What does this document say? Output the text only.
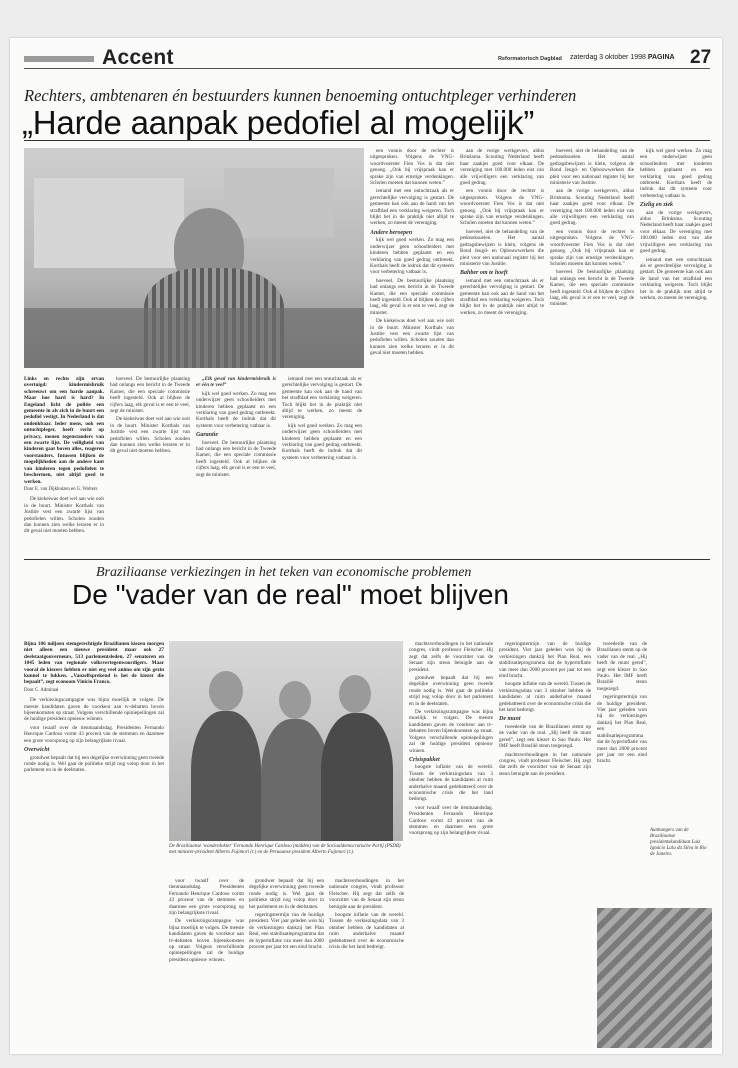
Accent	Reformatorisch Dagblad zaterdag 3 oktober 1998 PAGINA 27
Rechters, ambtenaren én bestuurders kunnen benoeming ontuchtpleger verhinderen
„Harde aanpak pedofiel al mogelijk”

Links en rechts zijn ervan overtuigd: kindermisbruik schreeuwt om een harde aanpak. Maar hoe hard is hard? In Engeland licht de politie een gemeente in als zich in de buurt een pedofiel vestigt. In Nederland is dat ondenkbaar. Ieder mens, ook een ontuchtpleger, heeft recht op privacy, menen tegenstanders van een zwarte lijst. De veiligheid van kinderen gaat boven alles, reageren voorstanders. Intussen blijken de mogelijkheden aan de andere kant van kinderen tegen pedofielen te beschermen, niet altijd goed te werken.

Door E. van Dijkhuizen en G. Wolters

De kiekeiwas doet wel aan wie ooit in de buurt. Minister Korthals van Justitie vest een zwarte lijst van pedofielen willen. Scholen zouden dan kunnen zien welke leraren er in dit geval niet moeten hebben.

hoeveel. De bestuurlijke plaatsing had onlangs een bericht in de Tweede Kamer, die een speciale commissie heeft ingesteld. Ook al blijken de cijfers laag, elk geval is er een te veel, zegt de minister.

De kiekeiwas doet wel aan wie ooit in de buurt. Minister Korthals van Justitie vest een zwarte lijst van pedofielen willen. Scholen zouden dan kunnen zien welke leraren er in dit geval niet moeten hebben.

„Elk geval van kindermisbruik is er één te veel”

kijk wel goed werken. Zo mag een onderwijzer geen schoolleiders met kinderen hebben geplaatst en een verklaring van goed gedrag ontbreekt. Korthals heeft de indruk dat dit systeem voor verbetering vatbaar is.

Garantie

hoeveel. De bestuurlijke plaatsing had onlangs een bericht in de Tweede Kamer, die een speciale commissie heeft ingesteld. Ook al blijken de cijfers laag, elk geval is er een te veel, zegt de minister.

iemand met een ontuchtzaak als er gerechtelijke vervolging is gestart. De gemeente kan ook aan de hand van het strafblad een verklaring weigeren. Toch blijkt het in de praktijk niet altijd te werken, zo meent de vereniging.

kijk wel goed werken. Zo mag een onderwijzer geen schoolleiders met kinderen hebben geplaatst en een verklaring van goed gedrag ontbreekt. Korthals heeft de indruk dat dit systeem voor verbetering vatbaar is.

een vonnis door de rechter is uitgesproken. Volgens de VNG-woordvoerster Fien Vos is dat niet genoeg. „Ook bij vrijspraak kan er sprake zijn van ernstige verdenkingen. Scholen moeten dat kunnen weten.”

iemand met een ontuchtzaak als er gerechtelijke vervolging is gestart. De gemeente kan ook aan de hand van het strafblad een verklaring weigeren. Toch blijkt het in de praktijk niet altijd te werken, zo meent de vereniging.

Andere beroepen

kijk wel goed werken. Zo mag een onderwijzer geen schoolleiders met kinderen hebben geplaatst en een verklaring van goed gedrag ontbreekt. Korthals heeft de indruk dat dit systeem voor verbetering vatbaar is.

hoeveel. De bestuurlijke plaatsing had onlangs een bericht in de Tweede Kamer, die een speciale commissie heeft ingesteld. Ook al blijken de cijfers laag, elk geval is er een te veel, zegt de minister.

De kiekeiwas doet wel aan wie ooit in de buurt. Minister Korthals van Justitie vest een zwarte lijst van pedofielen willen. Scholen zouden dan kunnen zien welke leraren er in dit geval niet moeten hebben.

aan de vorige werkgevers, aldus Brinksma. Scouting Nederland heeft haar zaakjes goed voor elkaar. De vereniging met 100.000 leden eist van alle vrijwilligers een verklaring van goed gedrag.

een vonnis door de rechter is uitgesproken. Volgens de VNG-woordvoerster Fien Vos is dat niet genoeg. „Ook bij vrijspraak kan er sprake zijn van ernstige verdenkingen. Scholen moeten dat kunnen weten.”

hoeveel, niet de behandeling van de pedoseksuelen. Het aantal gedragsbewijzen is klein, volgens de Bond Jeugd- en Opbouwwerkers die pleit voor een nationaal register bij het ministerie van Justitie.

Bahber om te hoeft

iemand met een ontuchtzaak als er gerechtelijke vervolging is gestart. De gemeente kan ook aan de hand van het strafblad een verklaring weigeren. Toch blijkt het in de praktijk niet altijd te werken, zo meent de vereniging.

hoeveel, niet de behandeling van de pedoseksuelen. Het aantal gedragsbewijzen is klein, volgens de Bond Jeugd- en Opbouwwerkers die pleit voor een nationaal register bij het ministerie van Justitie.

aan de vorige werkgevers, aldus Brinksma. Scouting Nederland heeft haar zaakjes goed voor elkaar. De vereniging met 100.000 leden eist van alle vrijwilligers een verklaring van goed gedrag.

een vonnis door de rechter is uitgesproken. Volgens de VNG-woordvoerster Fien Vos is dat niet genoeg. „Ook bij vrijspraak kan er sprake zijn van ernstige verdenkingen. Scholen moeten dat kunnen weten.”

hoeveel. De bestuurlijke plaatsing had onlangs een bericht in de Tweede Kamer, die een speciale commissie heeft ingesteld. Ook al blijken de cijfers laag, elk geval is er een te veel, zegt de minister.

kijk wel goed werken. Zo mag een onderwijzer geen schoolleiders met kinderen hebben geplaatst en een verklaring van goed gedrag ontbreekt. Korthals heeft de indruk dat dit systeem voor verbetering vatbaar is.

Zielig en ziek

aan de vorige werkgevers, aldus Brinksma. Scouting Nederland heeft haar zaakjes goed voor elkaar. De vereniging met 100.000 leden eist van alle vrijwilligers een verklaring van goed gedrag.

iemand met een ontuchtzaak als er gerechtelijke vervolging is gestart. De gemeente kan ook aan de hand van het strafblad een verklaring weigeren. Toch blijkt het in de praktijk niet altijd te werken, zo meent de vereniging.

Braziliaanse verkiezingen in het teken van economische problemen
De "vader van de real" moet blijven

Bijna 106 miljoen stemgerechtigde Brazilianen kiezen morgen niet alleen een nieuwe president maar ook 27 deelstaatgouverneurs, 513 parlementsleden, 27 senatoren en 1045 leden van regionale volksvertegenwoordigers. Maar vooral de kiezers hebben er niet erg veel animo om zijn gezin kunnel te lukken. „Vanzelfsprekend is het de kiezer die bepaalt”, zegt econoom Vinicio Franco.

Door C. Admiraal

De verkiezingscampagne was bijna moeilijk te volgen. De meeste kandidaten gaven de voorkeur aan tv-debatten boven bijeenkomsten op straat. Volgens verschillende opiniepeilingen zal de huidige president opnieuw winnen.

voor twaalf over de tienmaandsdag. Presidenten Fernando Henrique Cardoso vormt 43 procent van de stemmen en daarmee een grote voorsprong op zijn belangrijkste rivaal.

Overwicht

grondwet bepaalt dat bij een degelijke overwinning geen tweede ronde nodig is. Wel gaat de politieke strijd nog volop door in het parlement en in de deelstaten.

De Braziliaanse 'wonderdokter' Fernando Henrique Cardoso (midden) van de Sociaaldemocratische Partij (PSDB) met minister-president Alberto Fujimori (r.) en de Peruaanse president Alberto Fujimori (r.).

voor twaalf over de tienmaandsdag. Presidenten Fernando Henrique Cardoso vormt 43 procent van de stemmen en daarmee een grote voorsprong op zijn belangrijkste rivaal.

De verkiezingscampagne was bijna moeilijk te volgen. De meeste kandidaten gaven de voorkeur aan tv-debatten boven bijeenkomsten op straat. Volgens verschillende opiniepeilingen zal de huidige president opnieuw winnen.

grondwet bepaalt dat bij een degelijke overwinning geen tweede ronde nodig is. Wel gaat de politieke strijd nog volop door in het parlement en in de deelstaten.

regeringstermijn van de huidige president. Vier jaar geleden won hij de verkiezingen dankzij het Plan Real, een stabilisatieprogramma dat de hyperinflatie van meer dan 2000 procent per jaar tot een eind bracht.

machtsverhoudingen in het nationale congres, vindt professor Fleischer. Hij zegt dat zelfs de voorzitter van de Senaat zijn steun betuigde aan de president.

hoogste inflatie van de wereld. Tussen de verkiezingsdata van 3 oktober hebben de kandidaten al ruim anderhalve maand gedebatteerd over de economische crisis die het land bedreigt.

machtsverhoudingen in het nationale congres, vindt professor Fleischer. Hij zegt dat zelfs de voorzitter van de Senaat zijn steun betuigde aan de president.

grondwet bepaalt dat bij een degelijke overwinning geen tweede ronde nodig is. Wel gaat de politieke strijd nog volop door in het parlement en in de deelstaten.

De verkiezingscampagne was bijna moeilijk te volgen. De meeste kandidaten gaven de voorkeur aan tv-debatten boven bijeenkomsten op straat. Volgens verschillende opiniepeilingen zal de huidige president opnieuw winnen.

Crisispakket

hoogste inflatie van de wereld. Tussen de verkiezingsdata van 3 oktober hebben de kandidaten al ruim anderhalve maand gedebatteerd over de economische crisis die het land bedreigt.

voor twaalf over de tienmaandsdag. Presidenten Fernando Henrique Cardoso vormt 43 procent van de stemmen en daarmee een grote voorsprong op zijn belangrijkste rivaal.

regeringstermijn van de huidige president. Vier jaar geleden won hij de verkiezingen dankzij het Plan Real, een stabilisatieprogramma dat de hyperinflatie van meer dan 2000 procent per jaar tot een eind bracht.

hoogste inflatie van de wereld. Tussen de verkiezingsdata van 3 oktober hebben de kandidaten al ruim anderhalve maand gedebatteerd over de economische crisis die het land bedreigt.

De munt

tweederde van de Brazilianen stemt op de vader van de real. „Hij heeft de munt gered”, zegt een kiezer in Sao Paulo. Het IMF heeft Brazilië steun toegezegd.

machtsverhoudingen in het nationale congres, vindt professor Fleischer. Hij zegt dat zelfs de voorzitter van de Senaat zijn steun betuigde aan de president.

tweederde van de Brazilianen stemt op de vader van de real. „Hij heeft de munt gered”, zegt een kiezer in Sao Paulo. Het IMF heeft Brazilië steun toegezegd.

regeringstermijn van de huidige president. Vier jaar geleden won hij de verkiezingen dankzij het Plan Real, een stabilisatieprogramma dat de hyperinflatie van meer dan 2000 procent per jaar tot een eind bracht.

Aanhangers van de Braziliaanse presidentskandidaat Luiz Ignácio Lula da Silva in Rio de Janeiro.
